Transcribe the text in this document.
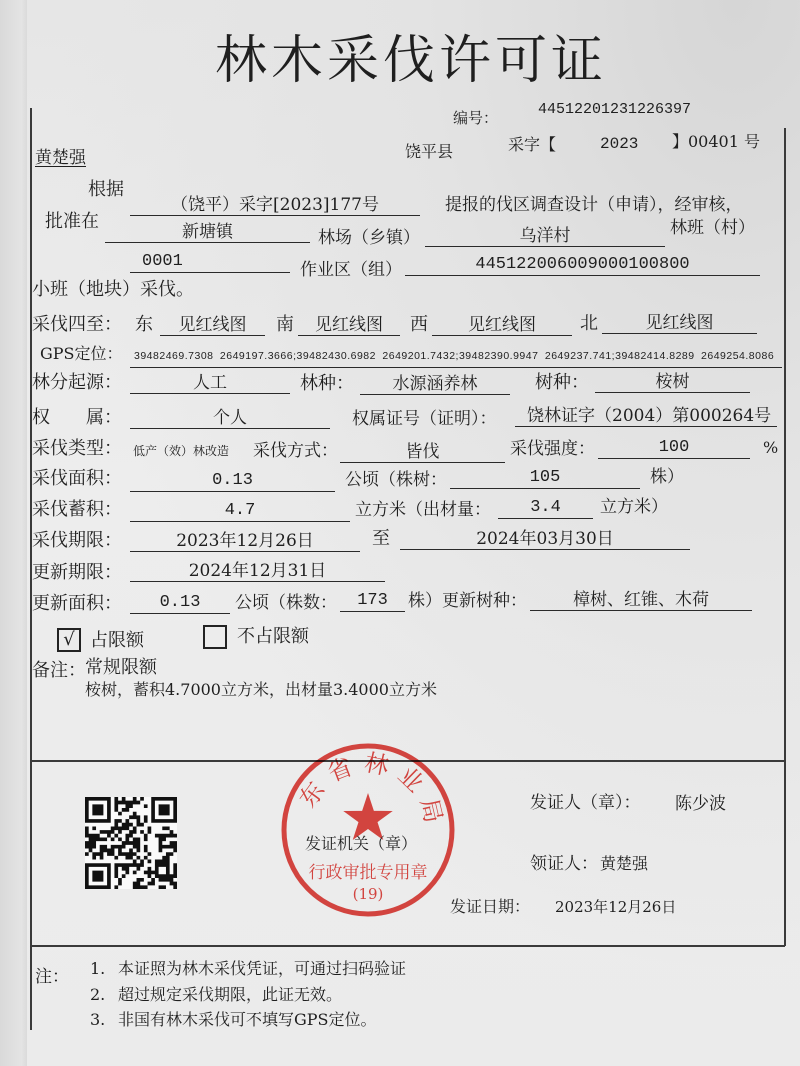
林木采伐许可证
编号：	44512201231226397
黄楚强	饶平县	采字【	2023 】00401 号
根据
（饶平）采字[2023]177号	提报的伐区调查设计（申请），经审核，
批准在	新塘镇	林场（乡镇）	乌洋村	林班（村）
0001	作业区（组）	445122006009000100800
小班（地块）采伐。
采伐四至： 东	见红线图	南	见红线图	西	见红线图	北	见红线图
GPS定位：	39482469.7308 2649197.3666;39482430.6982 2649201.7432;39482390.9947 2649237.741;39482414.8289 2649254.8086
林分起源：	人工	林种：	水源涵养林	树种：	桉树
权　　属：	个人	权属证号（证明）：	饶林证字（2004）第000264号
采伐类型： 低产（效）林改造 采伐方式：	皆伐	采伐强度：	100	%
采伐面积：	0.13	公顷（株树：	105	株）
采伐蓄积：	4.7	立方米（出材量：	3.4	立方米）
采伐期限：	2023年12月26日	至	2024年03月30日
更新期限：	2024年12月31日
更新面积：	0.13	公顷（株数：	173	株）更新树种：	樟树、红锥、木荷
√ 占限额	不占限额
备注： 常规限额
桉树，蓄积4.7000立方米，出材量3.4000立方米
东省林业局
行政审批专用章
(19)
发证机关（章）
发证人（章）： 陈少波
领证人： 黄楚强
发证日期： 2023年12月26日
注： 1. 本证照为林木采伐凭证，可通过扫码验证
2. 超过规定采伐期限，此证无效。
3. 非国有林木采伐可不填写GPS定位。
